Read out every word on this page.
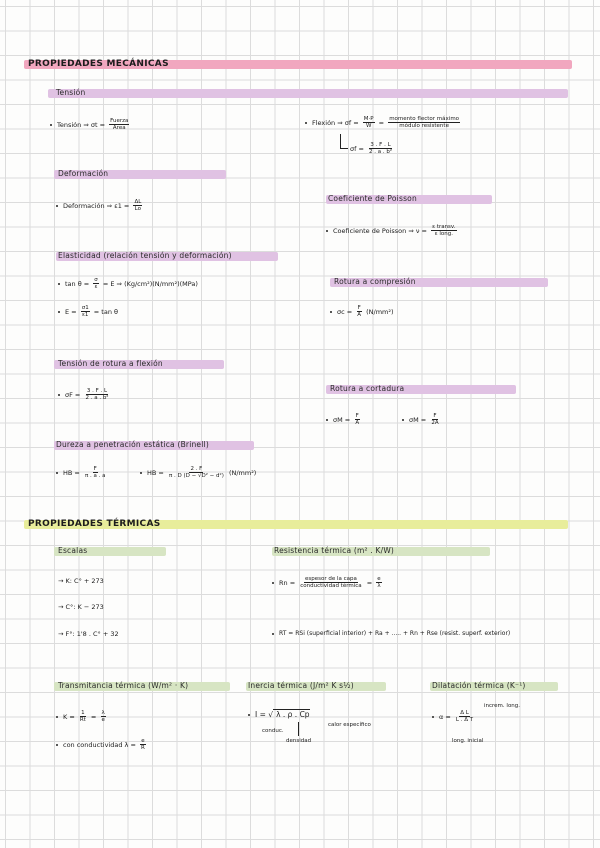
PROPIEDADES MECÁNICAS
Tensión
Tensión ⇒ $\sigma t = \frac{\text{Fuerza}}{\text{Área}}$	Flexión ⇒ $\sigma f = \frac{M\cdot P}{W} = \frac{\text{momento flector máximo}}{\text{módulo resistente}}$
$\sigma f = \frac{3 . F . L}{\text{2 . a . b²}}$
Deformación
Deformación ⇒ $\varepsilon 1 = \frac{\Delta L}{Lo}$
Coeficiente de Poisson
Coeficiente de Poisson ⇒ $\nu = \frac{\text{ε transv.}}{\text{ε long.}}$
Elasticidad (relación tensión y deformación)
$\tan \theta = \frac{\sigma}{\varepsilon} = E$ ⇒ (Kg/cm²)(N/mm²)(MPa)
$E = \frac{\sigma 1}{\varepsilon 1} = \tan \theta$
Rotura a compresión
$\sigma c = \frac{F}{A} (N/mm^2)$
Tensión de rotura a flexión
$\sigma F = \frac{3 . F . L}{\text{2 . a . b²}}$	Rotura a cortadura
$\sigma M = \frac{F}{A}$	$\sigma M = \frac{F}{2A}$
Dureza a penetración estática (Brinell)
HB = $\frac{F}{\pi . a . a}$	HB = $\frac{2 . F}{\text{π . D (D − √D² − d²)}} (N/mm^2)$
PROPIEDADES TÉRMICAS
Escalas
→ K: C° + 273
→ C°: K − 273
→ F°: 1'8 . C° + 32
Resistencia térmica (m² . K/W)
$Rn = \frac{\text{espesor de la capa}}{\text{conductividad térmica}} = \frac{e}{\lambda}$
RT = RSi (superficial interior) + Ra + ..... + Rn + Rse (resist. superf. exterior)
Transmitancia térmica (W/m² · K)
$K = \frac{1}{Rt} = \frac{\lambda}{e}$
con conductividad $\lambda = \frac{e}{R}$
Inercia térmica (J/m² K s½)
I = √ λ . ρ . Cp
calor específico
conduc.
densidad
Dilatación térmica (K⁻¹)
$\alpha = \frac{\text{Δ L}}{\text{L . Δ T}}$
increm. long.
long. inicial
